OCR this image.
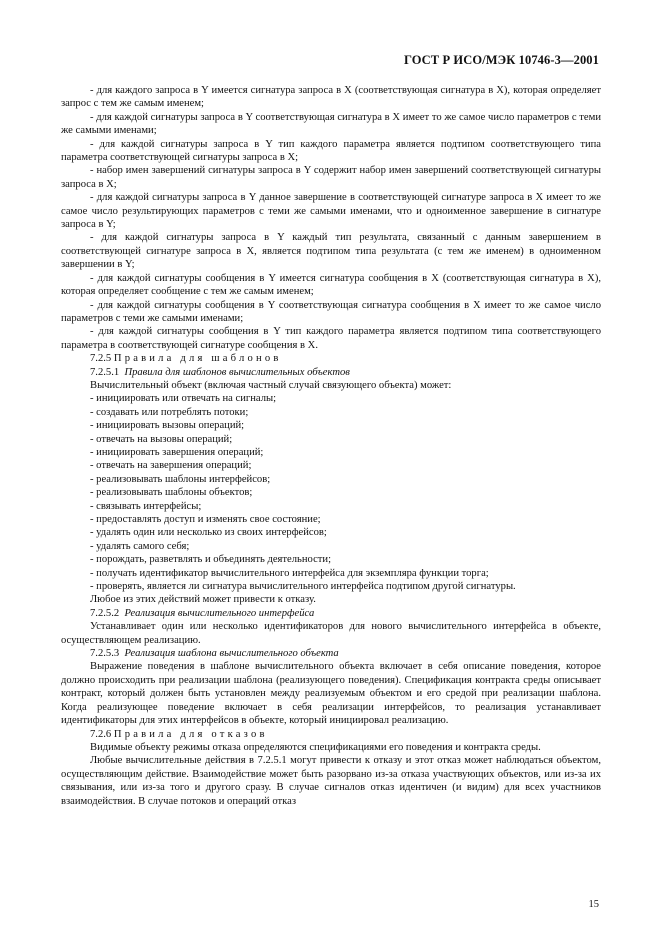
ГОСТ Р ИСО/МЭК 10746-3—2001

- для каждого запроса в Y имеется сигнатура запроса в X (соответствующая сигнатура в X), которая определяет запрос с тем же самым именем;

- для каждой сигнатуры запроса в Y соответствующая сигнатура в X имеет то же самое число параметров с теми же самыми именами;

- для каждой сигнатуры запроса в Y тип каждого параметра является подтипом соответствующего типа параметра соответствующей сигнатуры запроса в X;

- набор имен завершений сигнатуры запроса в Y содержит набор имен завершений соответствующей сигнатуры запроса в X;

- для каждой сигнатуры запроса в Y данное завершение в соответствующей сигнатуре запроса в X имеет то же самое число результирующих параметров с теми же самыми именами, что и одноименное завершение в сигнатуре запроса в Y;

- для каждой сигнатуры запроса в Y каждый тип результата, связанный с данным завершением в соответствующей сигнатуре запроса в X, является подтипом типа результата (с тем же именем) в одноименном завершении в Y;

- для каждой сигнатуры сообщения в Y имеется сигнатура сообщения в X (соответствующая сигнатура в X), которая определяет сообщение с тем же самым именем;

- для каждой сигнатуры сообщения в Y соответствующая сигнатура сообщения в X имеет то же самое число параметров с теми же самыми именами;

- для каждой сигнатуры сообщения в Y тип каждого параметра является подтипом типа соответствующего параметра в соответствующей сигнатуре сообщения в X.

7.2.5 Правила для шаблонов

7.2.5.1 Правила для шаблонов вычислительных объектов

Вычислительный объект (включая частный случай связующего объекта) может:

- инициировать или отвечать на сигналы;

- создавать или потреблять потоки;

- инициировать вызовы операций;

- отвечать на вызовы операций;

- инициировать завершения операций;

- отвечать на завершения операций;

- реализовывать шаблоны интерфейсов;

- реализовывать шаблоны объектов;

- связывать интерфейсы;

- предоставлять доступ и изменять свое состояние;

- удалять один или несколько из своих интерфейсов;

- удалять самого себя;

- порождать, разветвлять и объединять деятельности;

- получать идентификатор вычислительного интерфейса для экземпляра функции торга;

- проверять, является ли сигнатура вычислительного интерфейса подтипом другой сигнатуры.

Любое из этих действий может привести к отказу.

7.2.5.2 Реализация вычислительного интерфейса

Устанавливает один или несколько идентификаторов для нового вычислительного интерфейса в объекте, осуществляющем реализацию.

7.2.5.3 Реализация шаблона вычислительного объекта

Выражение поведения в шаблоне вычислительного объекта включает в себя описание поведения, которое должно происходить при реализации шаблона (реализующего поведения). Спецификация контракта среды описывает контракт, который должен быть установлен между реализуемым объектом и его средой при реализации шаблона. Когда реализующее поведение включает в себя реализации интерфейсов, то реализация устанавливает идентификаторы для этих интерфейсов в объекте, который инициировал реализацию.

7.2.6 Правила для отказов

Видимые объекту режимы отказа определяются спецификациями его поведения и контракта среды.

Любые вычислительные действия в 7.2.5.1 могут привести к отказу и этот отказ может наблюдаться объектом, осуществляющим действие. Взаимодействие может быть разорвано из-за отказа участвующих объектов, или из-за их связывания, или из-за того и другого сразу. В случае сигналов отказ идентичен (и видим) для всех участников взаимодействия. В случае потоков и операций отказ

15
